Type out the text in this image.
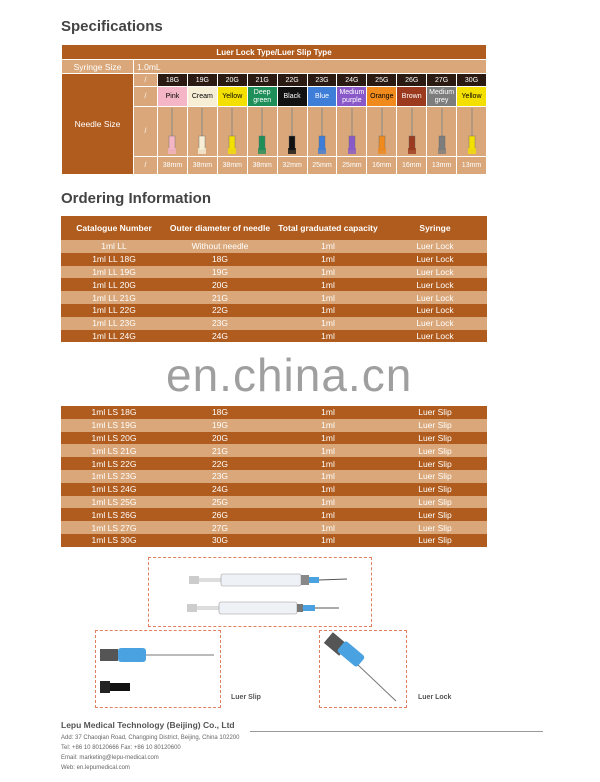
Specifications
Luer Lock Type/Luer Slip Type												
Syringe Size	1.0mL											
Needle Size	/	18G	19G	20G	21G	22G	23G	24G	25G	26G	27G	30G
	/	Pink	Cream	Yellow	Deep green	Black	Blue	Medium purple	Orange	Brown	Medium grey	Yellow
	/	

	/	38mm	38mm	38mm	38mm	32mm	25mm	25mm	16mm	16mm	13mm	13mm
Ordering Information
Catalogue Number	Outer diameter of needle	Total graduated capacity	Syringe
1ml LL	Without needle	1ml	Luer Lock
1ml LL 18G	18G	1ml	Luer Lock
1ml LL 19G	19G	1ml	Luer Lock
1ml LL 20G	20G	1ml	Luer Lock
1ml LL 21G	21G	1ml	Luer Lock
1ml LL 22G	22G	1ml	Luer Lock
1ml LL 23G	23G	1ml	Luer Lock
1ml LL 24G	24G	1ml	Luer Lock
en.china.cn
1ml LS 18G	18G	1ml	Luer Slip
1ml LS 19G	19G	1ml	Luer Slip
1ml LS 20G	20G	1ml	Luer Slip
1ml LS 21G	21G	1ml	Luer Slip
1ml LS 22G	22G	1ml	Luer Slip
1ml LS 23G	23G	1ml	Luer Slip
1ml LS 24G	24G	1ml	Luer Slip
1ml LS 25G	25G	1ml	Luer Slip
1ml LS 26G	26G	1ml	Luer Slip
1ml LS 27G	27G	1ml	Luer Slip
1ml LS 30G	30G	1ml	Luer Slip
Luer Slip	Luer Lock
Lepu Medical Technology (Beijing) Co., Ltd
Add: 37 Chaoqian Road, Changping District, Beijing, China 102200
Tel: +86 10 80120666 Fax: +86 10 80120600
Email: marketing@lepu-medical.com
Web: en.lepumedical.com
